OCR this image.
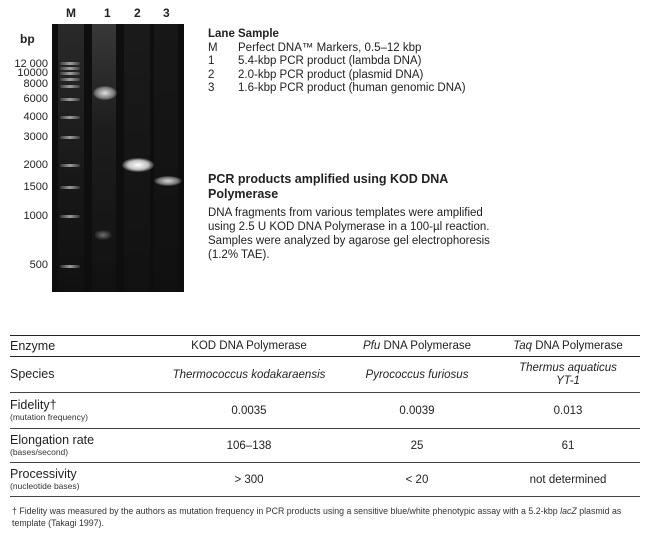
M 1 2 3
bp
12 000
10000
8000
6000
4000
3000
2000
1500
1000
500
Lane Sample
M	Perfect DNA™ Markers, 0.5–12 kbp
1	5.4-kbp PCR product (lambda DNA)
2	2.0-kbp PCR product (plasmid DNA)
3	1.6-kbp PCR product (human genomic DNA)
PCR products amplified using KOD DNA Polymerase
DNA fragments from various templates were amplified using 2.5 U KOD DNA Polymerase in a 100-µl reaction. Samples were analyzed by agarose gel electrophoresis (1.2% TAE).
Enzyme	KOD DNA Polymerase	Pfu DNA Polymerase	Taq DNA Polymerase
Species	Thermococcus kodakaraensis	Pyrococcus furiosus	Thermus aquaticus
YT-1
Fidelity†
(mutation frequency)	0.0035	0.0039	0.013
Elongation rate
(bases/second)	106–138	25	61
Processivity
(nucleotide bases)	> 300	< 20	not determined
† Fidelity was measured by the authors as mutation frequency in PCR products using a sensitive blue/white phenotypic assay with a 5.2-kbp lacZ plasmid as template (Takagi 1997).
